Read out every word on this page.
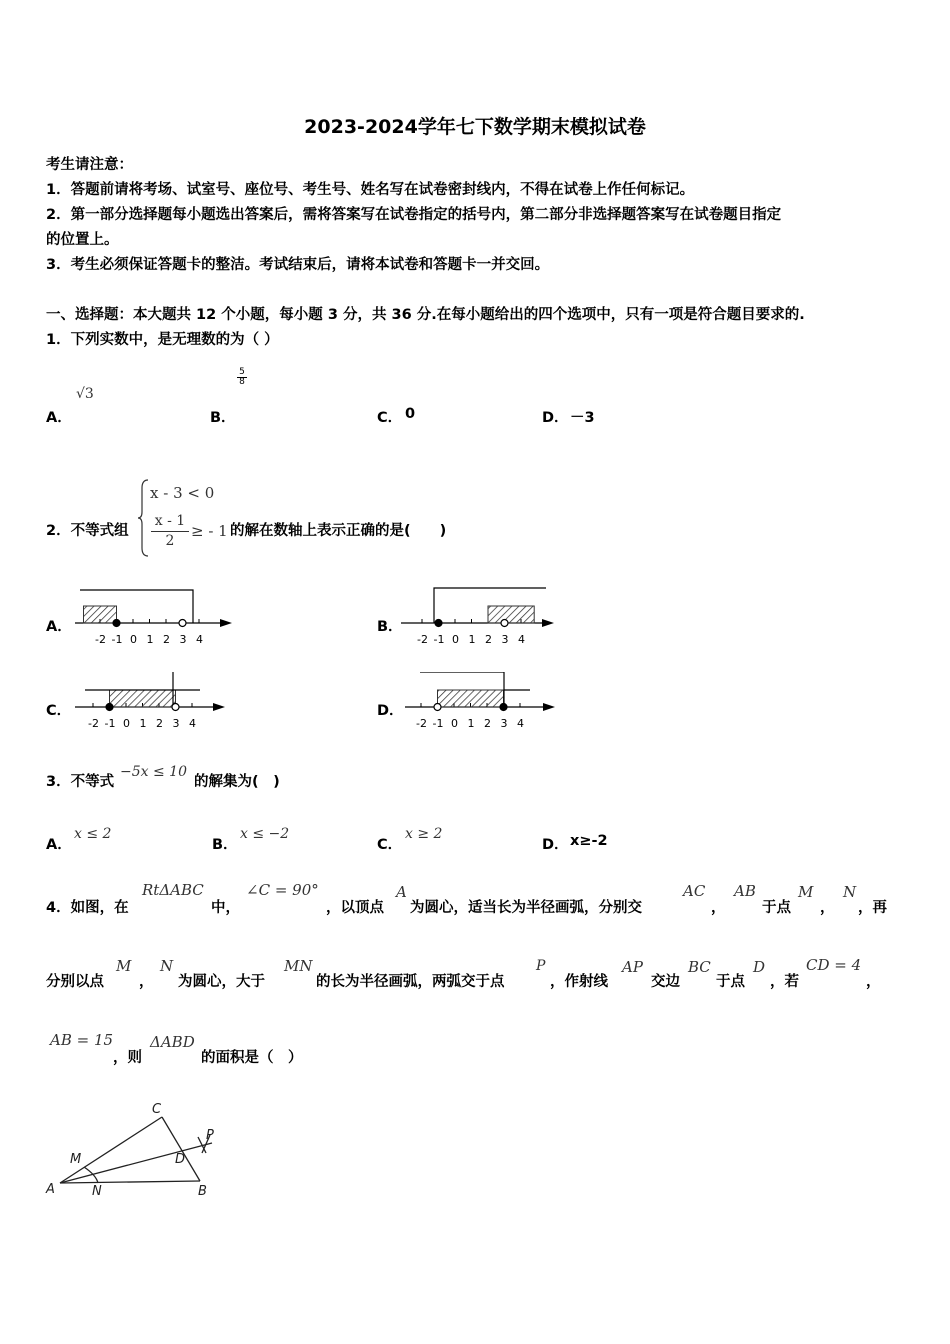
2023-2024学年七下数学期末模拟试卷
考生请注意：
1．答题前请将考场、试室号、座位号、考生号、姓名写在试卷密封线内，不得在试卷上作任何标记。
2．第一部分选择题每小题选出答案后，需将答案写在试卷指定的括号内，第二部分非选择题答案写在试卷题目指定
的位置上。
3．考生必须保证答题卡的整洁。考试结束后，请将本试卷和答题卡一并交回。
一、选择题：本大题共 12 个小题，每小题 3 分，共 36 分.在每小题给出的四个选项中，只有一项是符合题目要求的.
1．下列实数中，是无理数的为（ ）
√3
A．
5
8
B．	C． 0	D． －3
2．不等式组
x - 3 < 0
x - 1
2
≥ - 1 的解在数轴上表示正确的是(　　)
A．
-2 -1 0 1 2 3 4
B．
-2 -1 0 1 2 3 4
C．
-2 -1 0 1 2 3 4
D．
-2 -1 0 1 2 3 4
3．不等式
−5x ≤ 10
的解集为(　)
A．
x ≤ 2
B．
x ≤ −2
C．
x ≥ 2
D． x≥-2
4．如图，在
RtΔABC
中，
∠C = 90°
，以顶点
A
为圆心，适当长为半径画弧，分别交
AC
，
AB
于点
M
，
N
，再
分别以点
M
，
N
为圆心，大于
MN
的长为半径画弧，两弧交于点
P
，作射线
AP
交边
BC
于点
D
，若
CD = 4
，
AB = 15
，则
ΔABD
的面积是（　）
A	B
C
D
M
N
P
